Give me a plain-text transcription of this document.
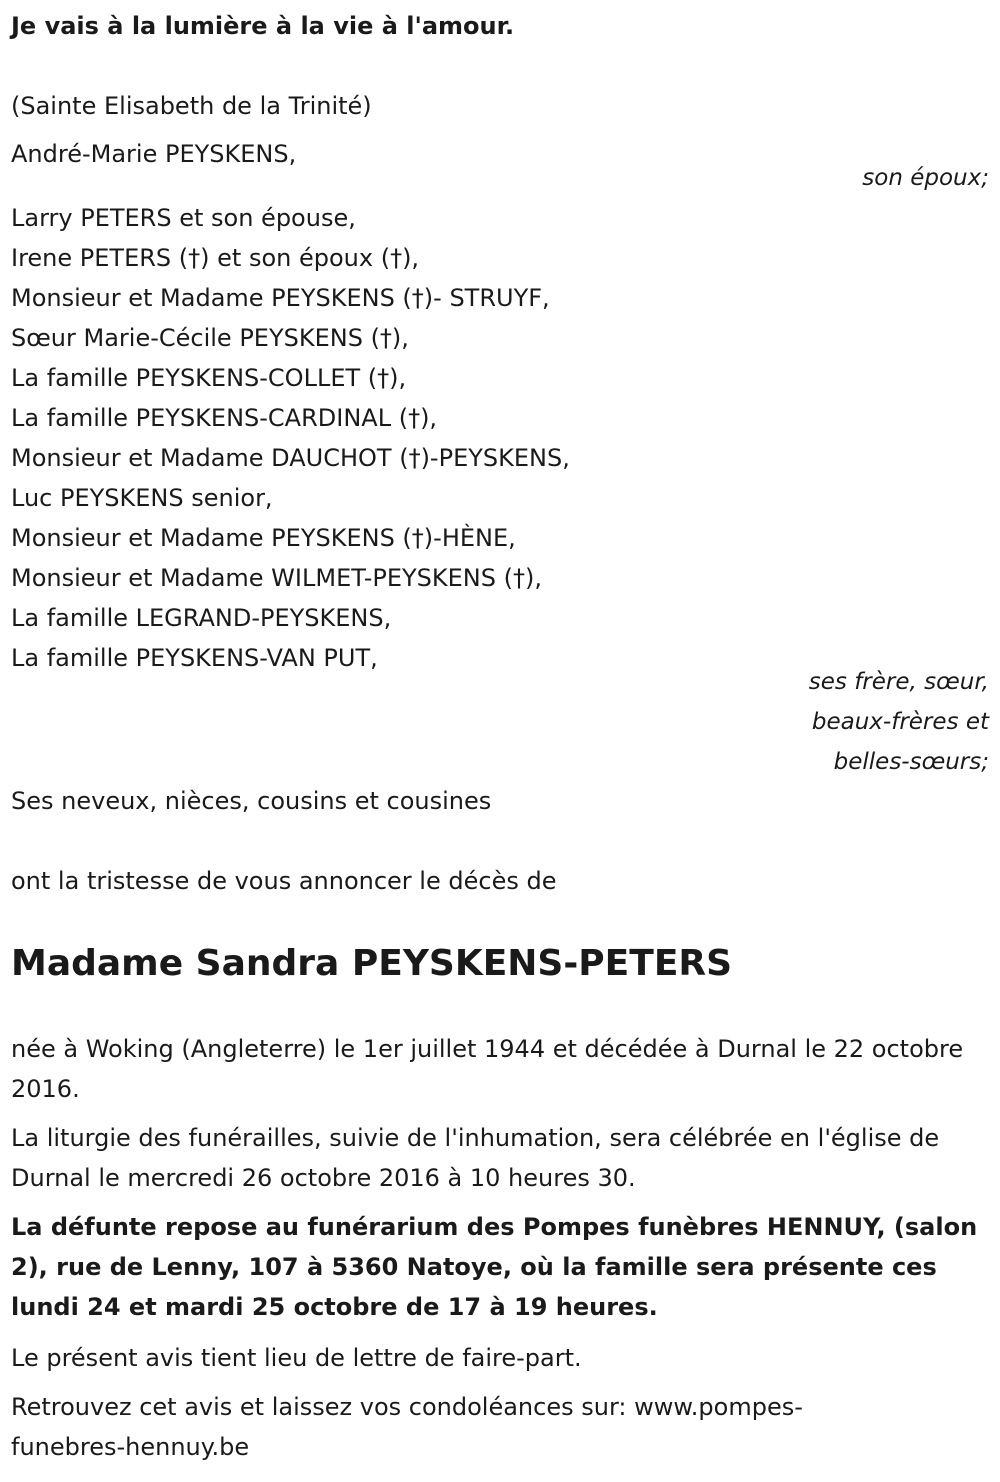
Je vais à la lumière à la vie à l'amour.
(Sainte Elisabeth de la Trinité)
André-Marie PEYSKENS,
son époux;
Larry PETERS et son épouse,
Irene PETERS (†) et son époux (†),
Monsieur et Madame PEYSKENS (†)- STRUYF,
Sœur Marie-Cécile PEYSKENS (†),
La famille PEYSKENS-COLLET (†),
La famille PEYSKENS-CARDINAL (†),
Monsieur et Madame DAUCHOT (†)-PEYSKENS,
Luc PEYSKENS senior,
Monsieur et Madame PEYSKENS (†)-HÈNE,
Monsieur et Madame WILMET-PEYSKENS (†),
La famille LEGRAND-PEYSKENS,
La famille PEYSKENS-VAN PUT,
ses frère, sœur,
beaux-frères et
belles-sœurs;
Ses neveux, nièces, cousins et cousines
ont la tristesse de vous annoncer le décès de
Madame Sandra PEYSKENS-PETERS
née à Woking (Angleterre) le 1er juillet 1944 et décédée à Durnal le 22 octobre 2016.
La liturgie des funérailles, suivie de l'inhumation, sera célébrée en l'église de Durnal le mercredi 26 octobre 2016 à 10 heures 30.
La défunte repose au funérarium des Pompes funèbres HENNUY, (salon 2), rue de Lenny, 107 à 5360 Natoye, où la famille sera présente ces lundi 24 et mardi 25 octobre de 17 à 19 heures.
Le présent avis tient lieu de lettre de faire-part.
Retrouvez cet avis et laissez vos condoléances sur: www.pompes-funebres-hennuy.be
